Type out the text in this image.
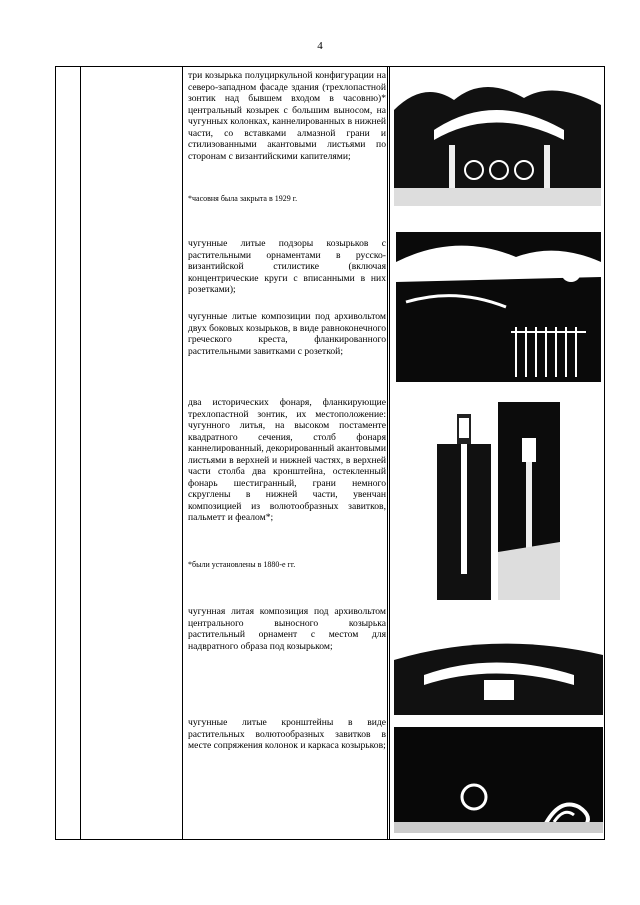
4
три козырька полуциркульной конфигурации на северо-западном фасаде здания (трехлопастной зонтик над бывшем входом в часовню)* центральный козырек с большим выносом, на чугунных колонках, каннелированных в нижней части, со вставками алмазной грани и стилизованными акантовыми листьями по сторонам с византийскими капителями;
*часовня была закрыта в 1929 г.
чугунные литые подзоры козырьков с растительными орнаментами в русско-византийской стилистике (включая концентрические круги с вписанными в них розетками);
чугунные литые композиции под архивольтом двух боковых козырьков, в виде равноконечного греческого креста, фланкированного растительными завитками с розеткой;
два исторических фонаря, фланкирующие трехлопастной зонтик, их местоположение: чугунного литья, на высоком постаменте квадратного сечения, столб фонаря каннелированный, декорированный акантовыми листьями в верхней и нижней частях, в верхней части столба два кронштейна, остекленный фонарь шестигранный, грани немного скруглены в нижней части, увенчан композицией из волютообразных завитков, пальметт и феалом*;
*были установлены в 1880-е гг.
чугунная литая композиция под архивольтом центрального выносного козырька растительный орнамент с местом для надвратного образа под козырьком;
чугунные литые кронштейны в виде растительных волютообразных завитков в месте сопряжения колонок и каркаса козырьков;
